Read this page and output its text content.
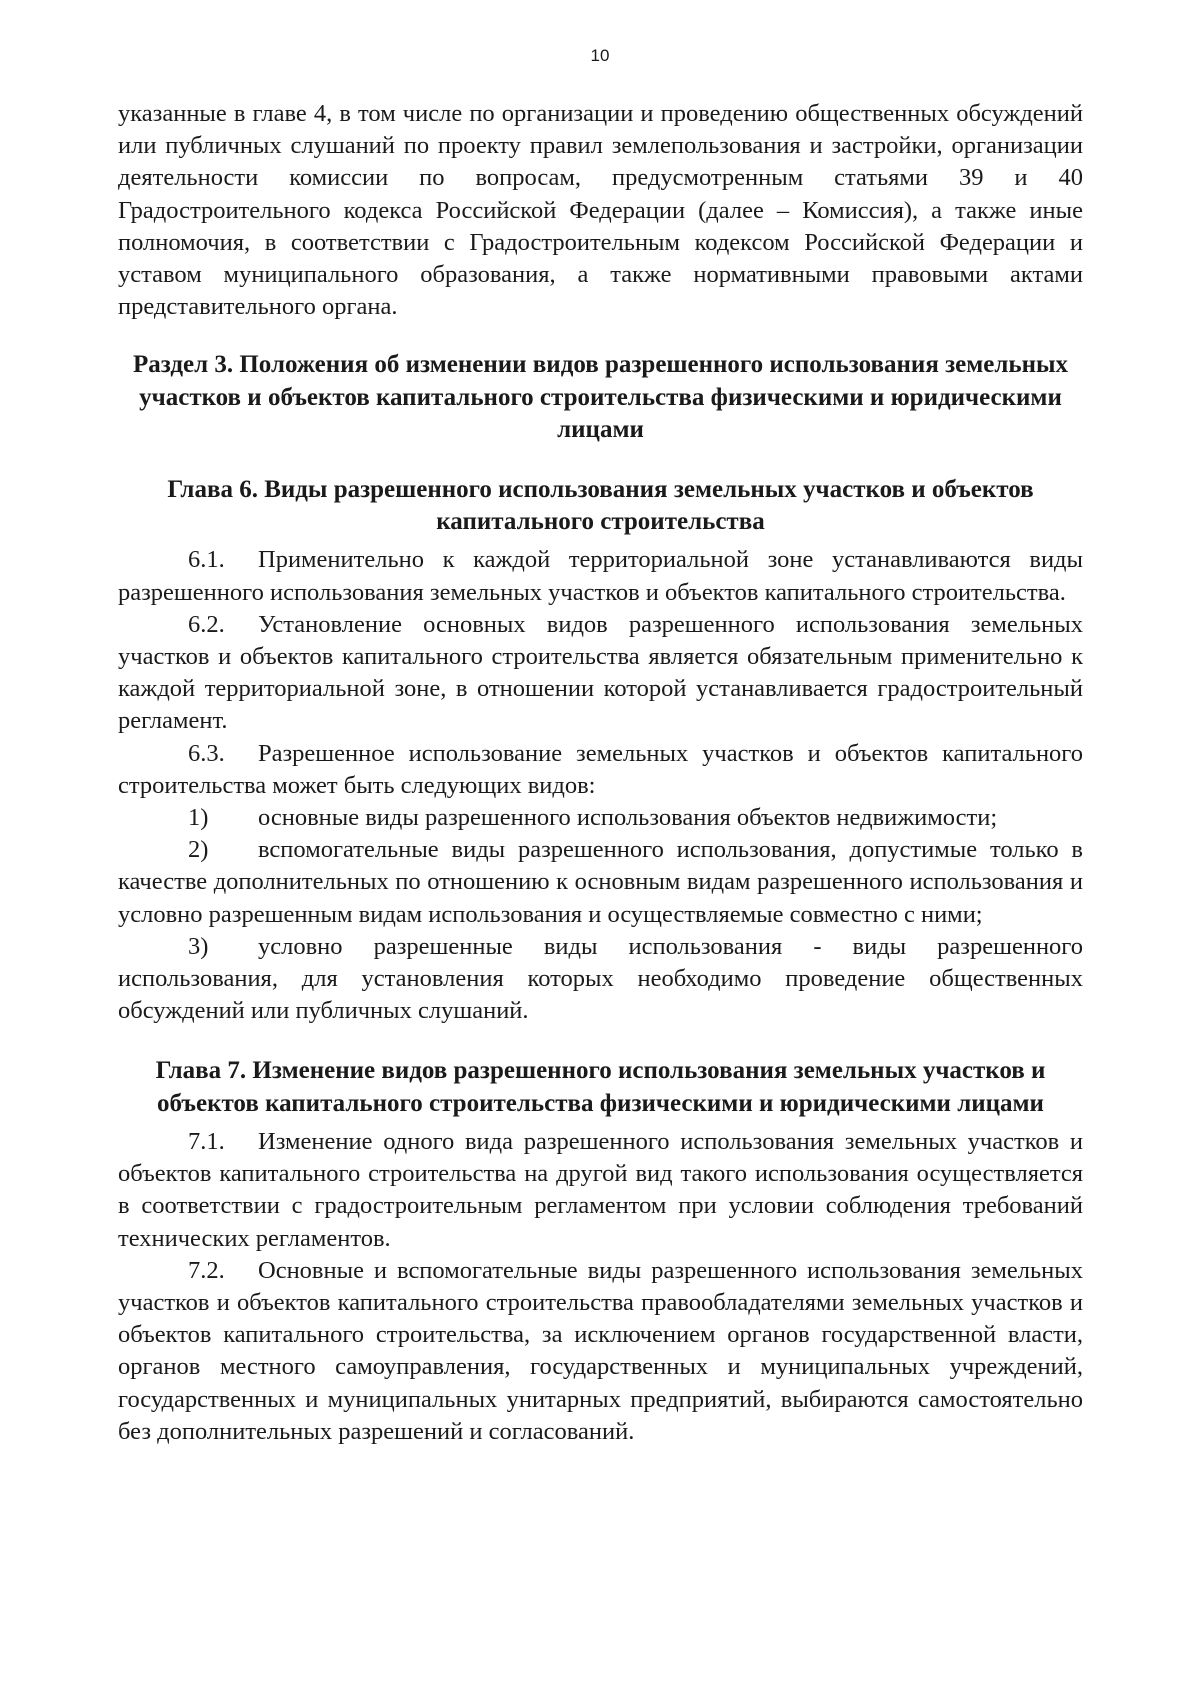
10

указанные в главе 4, в том числе по организации и проведению общественных обсуждений или публичных слушаний по проекту правил землепользования и застройки, организации деятельности комиссии по вопросам, предусмотренным статьями 39 и 40 Градостроительного кодекса Российской Федерации (далее – Комиссия), а также иные полномочия, в соответствии с Градостроительным кодексом Российской Федерации и уставом муниципального образования, а также нормативными правовыми актами представительного органа.

Раздел 3. Положения об изменении видов разрешенного использования земельных участков и объектов капитального строительства физическими и юридическими лицами

Глава 6. Виды разрешенного использования земельных участков и объектов капитального строительства

6.1. Применительно к каждой территориальной зоне устанавливаются виды разрешенного использования земельных участков и объектов капитального строительства.

6.2. Установление основных видов разрешенного использования земельных участков и объектов капитального строительства является обязательным применительно к каждой территориальной зоне, в отношении которой устанавливается градостроительный регламент.

6.3. Разрешенное использование земельных участков и объектов капитального строительства может быть следующих видов:

1) основные виды разрешенного использования объектов недвижимости;

2) вспомогательные виды разрешенного использования, допустимые только в качестве дополнительных по отношению к основным видам разрешенного использования и условно разрешенным видам использования и осуществляемые совместно с ними;

3) условно разрешенные виды использования - виды разрешенного использования, для установления которых необходимо проведение общественных обсуждений или публичных слушаний.

Глава 7. Изменение видов разрешенного использования земельных участков и объектов капитального строительства физическими и юридическими лицами

7.1. Изменение одного вида разрешенного использования земельных участков и объектов капитального строительства на другой вид такого использования осуществляется в соответствии с градостроительным регламентом при условии соблюдения требований технических регламентов.

7.2. Основные и вспомогательные виды разрешенного использования земельных участков и объектов капитального строительства правообладателями земельных участков и объектов капитального строительства, за исключением органов государственной власти, органов местного самоуправления, государственных и муниципальных учреждений, государственных и муниципальных унитарных предприятий, выбираются самостоятельно без дополнительных разрешений и согласований.
